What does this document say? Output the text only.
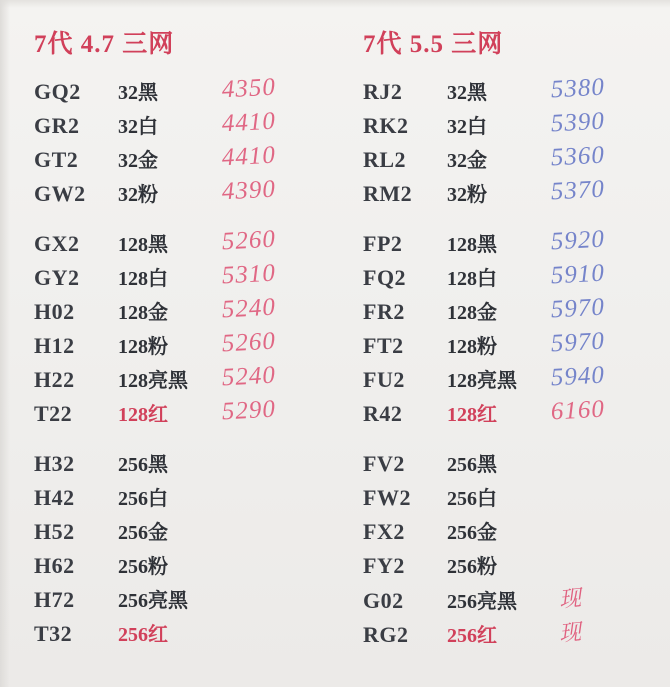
7代 4.7 三网
GQ2	32黑	4350
GR2	32白	4410
GT2	32金	4410
GW2	32粉	4390
GX2	128黑	5260
GY2	128白	5310
H02	128金	5240
H12	128粉	5260
H22	128亮黑	5240
T22	128红	5290
H32	256黑
H42	256白
H52	256金
H62	256粉
H72	256亮黑
T32	256红
7代 5.5 三网
RJ2	32黑	5380
RK2	32白	5390
RL2	32金	5360
RM2	32粉	5370
FP2	128黑	5920
FQ2	128白	5910
FR2	128金	5970
FT2	128粉	5970
FU2	128亮黑	5940
R42	128红	6160
FV2	256黑
FW2	256白
FX2	256金
FY2	256粉
G02	256亮黑	现
RG2	256红	现
